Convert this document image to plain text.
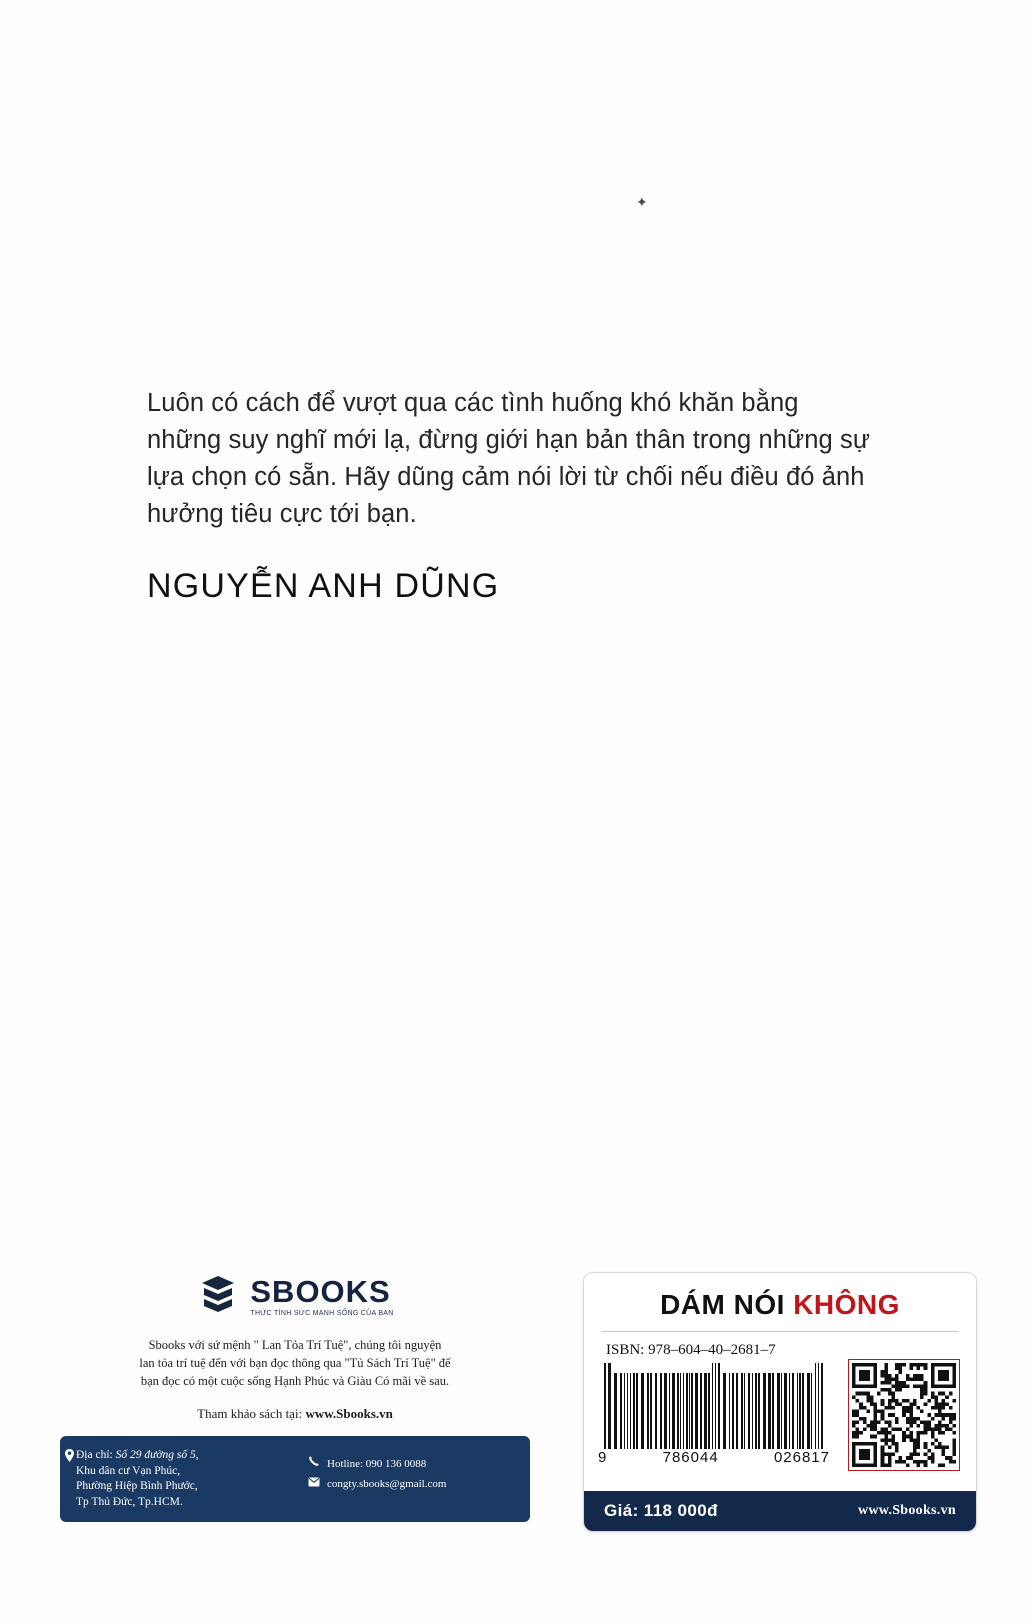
✦
Luôn có cách để vượt qua các tình huống khó khăn bằng những suy nghĩ mới lạ, đừng giới hạn bản thân trong những sự lựa chọn có sẵn. Hãy dũng cảm nói lời từ chối nếu điều đó ảnh hưởng tiêu cực tới bạn.
NGUYỄN ANH DŨNG
SBOOKS
THỨC TỈNH SỨC MẠNH SỐNG CỦA BẠN
Sbooks với sứ mệnh " Lan Tỏa Trí Tuệ", chúng tôi nguyện
lan tỏa trí tuệ đến với bạn đọc thông qua "Tủ Sách Trí Tuệ" để
bạn đọc có một cuộc sống Hạnh Phúc và Giàu Có mãi về sau.
Tham khảo sách tại: www.Sbooks.vn
Địa chỉ: Số 29 đường số 5,
Khu dân cư Vạn Phúc,
Phường Hiệp Bình Phước,
Tp Thủ Đức, Tp.HCM.
Hotline: 090 136 0088
congty.sbooks@gmail.com
DÁM NÓI KHÔNG
ISBN: 978–604–40–2681–7
9	786044	026817
Giá: 118 000đ	www.Sbooks.vn
